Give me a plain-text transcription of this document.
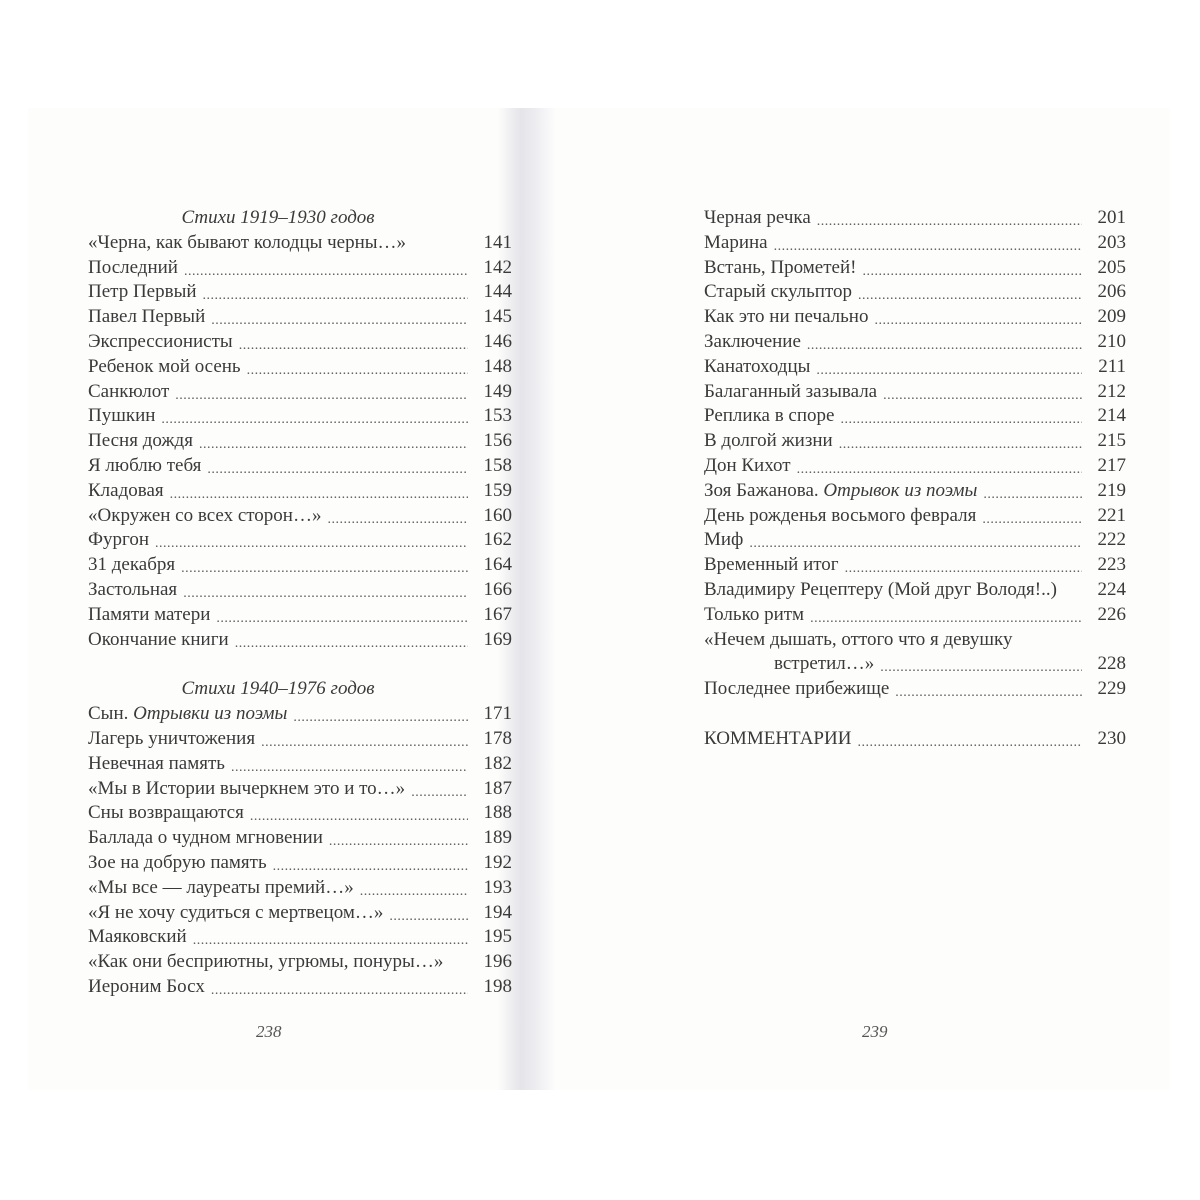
Стихи 1919–1930 годов
«Черна, как бывают колодцы черны…»	141
Последний .....	142
Петр Первый .....	144
Павел Первый .....	145
Экспрессионисты .....	146
Ребенок мой осень .....	148
Санкюлот .....	149
Пушкин .....	153
Песня дождя .....	156
Я люблю тебя .....	158
Кладовая .....	159
«Окружен со всех сторон…» .....	160
Фургон .....	162
31 декабря .....	164
Застольная .....	166
Памяти матери .....	167
Окончание книги .....	169
Стихи 1940–1976 годов
Сын. Отрывки из поэмы .....	171
Лагерь уничтожения .....	178
Невечная память .....	182
«Мы в Истории вычеркнем это и то…» .....	187
Сны возвращаются .....	188
Баллада о чудном мгновении .....	189
Зое на добрую память .....	192
«Мы все — лауреаты премий…» .....	193
«Я не хочу судиться с мертвецом…» .....	194
Маяковский .....	195
«Как они бесприютны, угрюмы, понуры…»	196
Иероним Босх .....	198
Черная речка .....	201
Марина .....	203
Встань, Прометей! .....	205
Старый скульптор .....	206
Как это ни печально .....	209
Заключение .....	210
Канатоходцы .....	211
Балаганный зазывала .....	212
Реплика в споре .....	214
В долгой жизни .....	215
Дон Кихот .....	217
Зоя Бажанова. Отрывок из поэмы .....	219
День рожденья восьмого февраля .....	221
Миф .....	222
Временный итог .....	223
Владимиру Рецептеру (Мой друг Володя!..)	224
Только ритм .....	226
«Нечем дышать, оттого что я девушку
встретил…» .....	228
Последнее прибежище .....	229
КОММЕНТАРИИ .....	230
238	239
